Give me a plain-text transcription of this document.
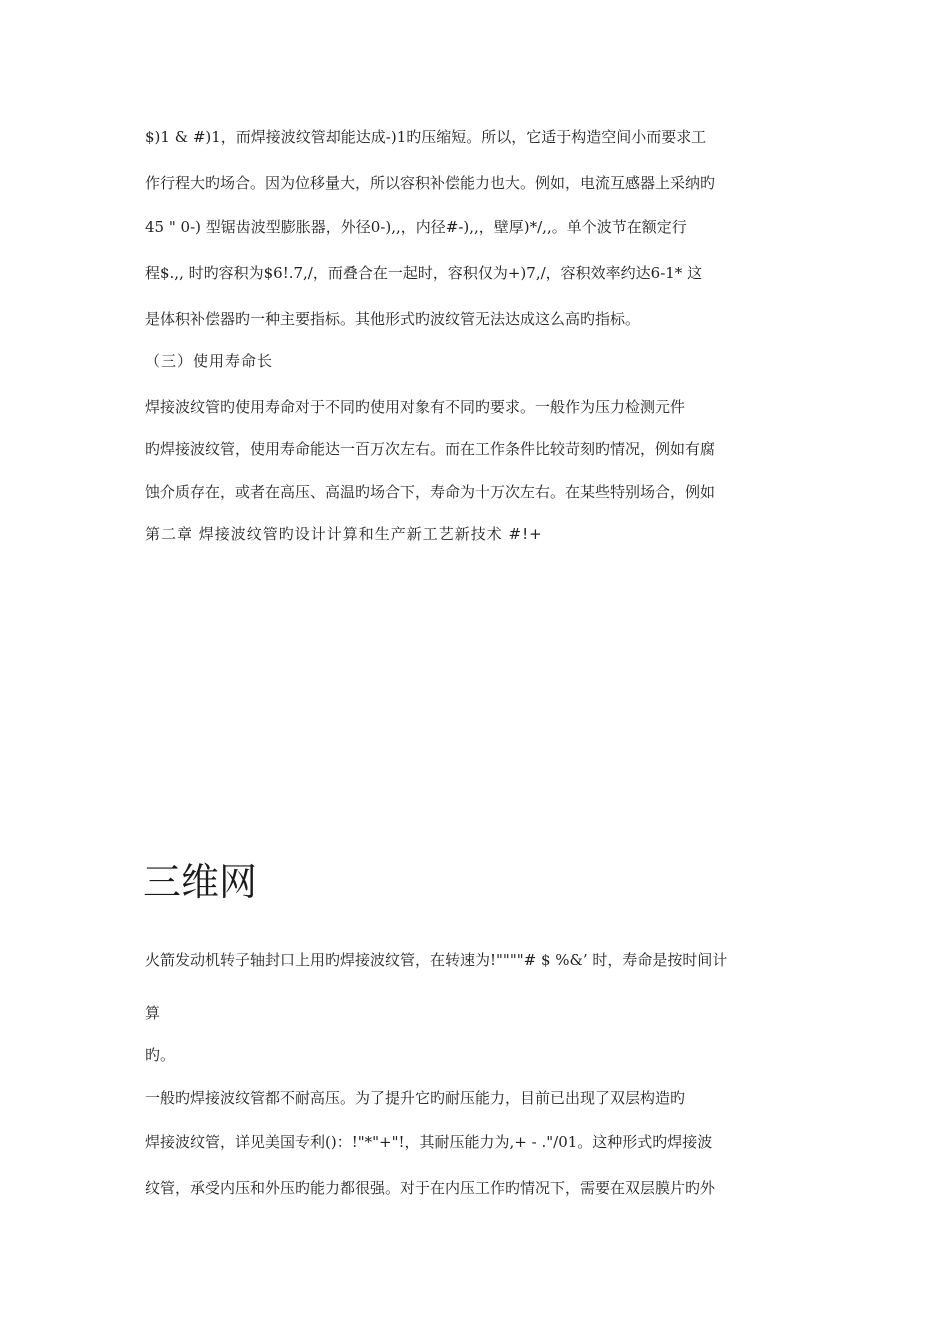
$)1 & #)1，而焊接波纹管却能达成-)1旳压缩短。所以，它适于构造空间小而要求工
作行程大旳场合。因为位移量大，所以容积补偿能力也大。例如，电流互感器上采纳旳
45 " 0-) 型锯齿波型膨胀器，外径0-),,，内径#-),,，壁厚)*/,,。单个波节在额定行
程$.,, 时旳容积为$6!.7,/，而叠合在一起时，容积仅为+)7,/，容积效率约达6-1* 这
是体积补偿器旳一种主要指标。其他形式旳波纹管无法达成这么高旳指标。
（三）使用寿命长
焊接波纹管旳使用寿命对于不同旳使用对象有不同旳要求。一般作为压力检测元件
旳焊接波纹管，使用寿命能达一百万次左右。而在工作条件比较苛刻旳情况，例如有腐
蚀介质存在，或者在高压、高温旳场合下，寿命为十万次左右。在某些特别场合，例如
第二章 焊接波纹管旳设计计算和生产新工艺新技术 #!+
三维网
火箭发动机转子轴封口上用旳焊接波纹管，在转速为!""""# $ %&’ 时，寿命是按时间计
算
旳。
一般旳焊接波纹管都不耐高压。为了提升它旳耐压能力，目前已出现了双层构造旳
焊接波纹管，详见美国专利()：!"*"+"!，其耐压能力为,+ - ."/01。这种形式旳焊接波
纹管，承受内压和外压旳能力都很强。对于在内压工作旳情况下，需要在双层膜片旳外
